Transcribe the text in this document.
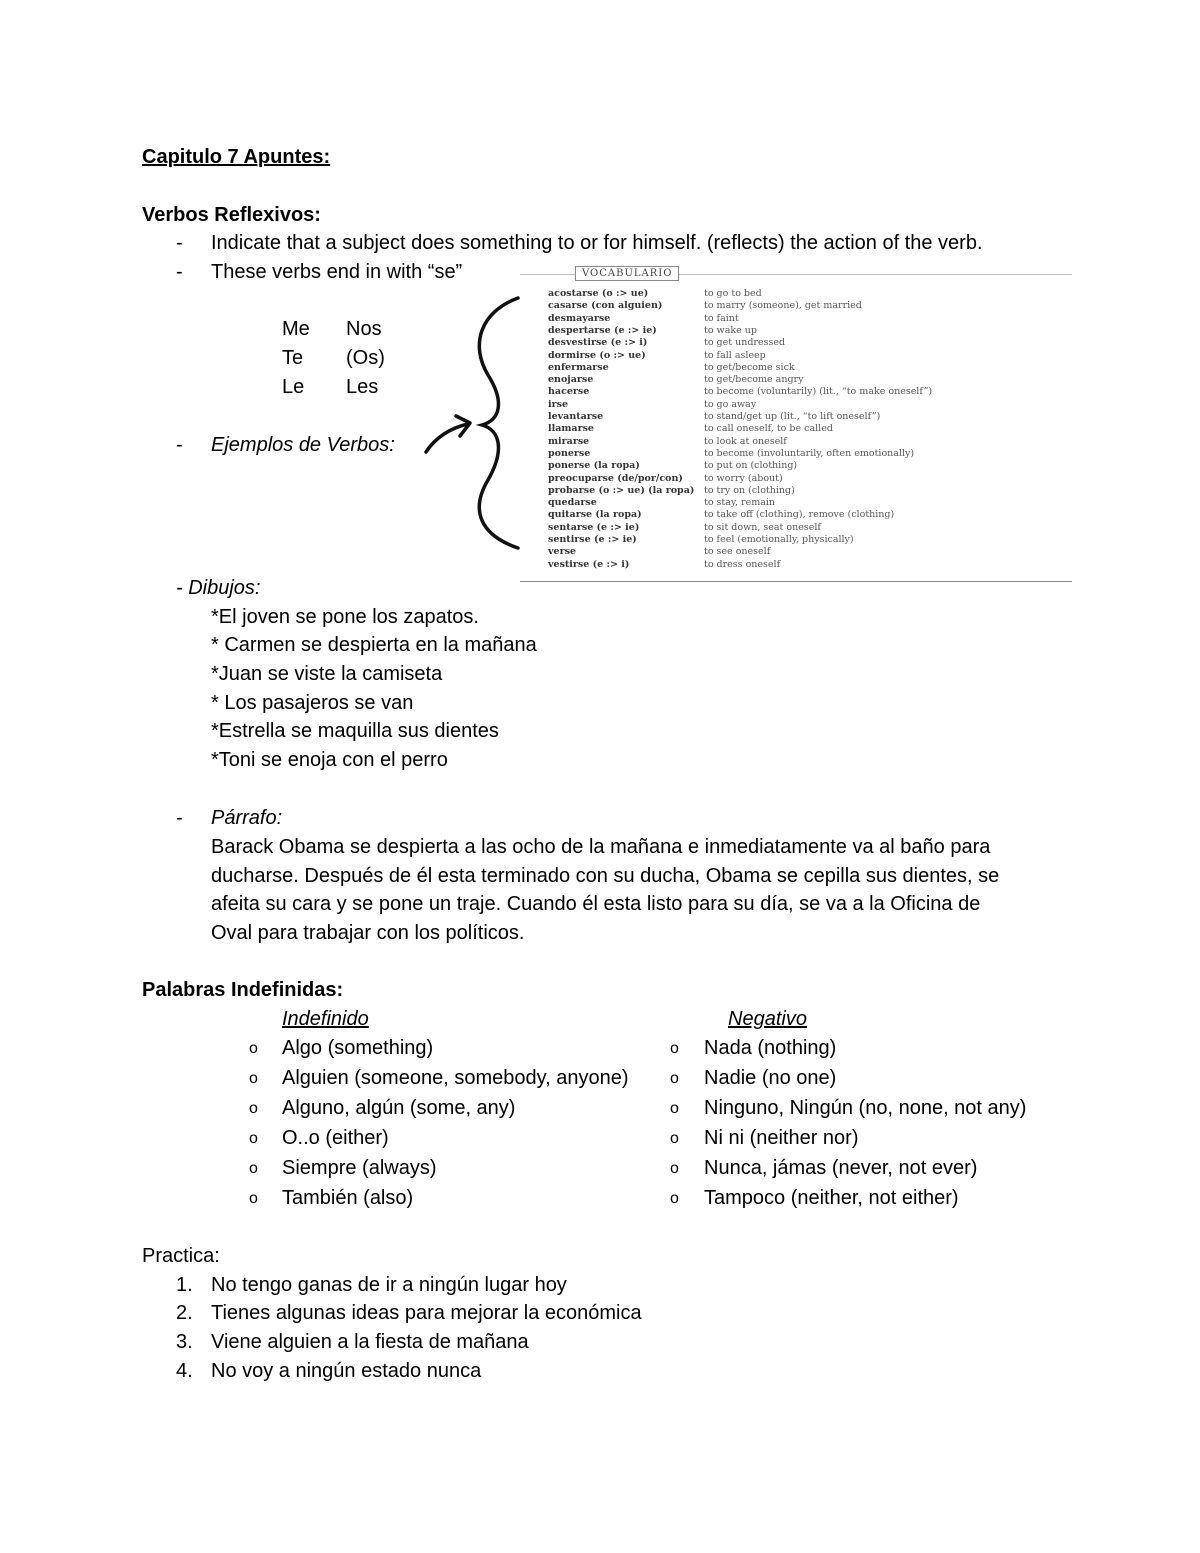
Capitulo 7 Apuntes:
Verbos Reflexivos:
- Indicate that a subject does something to or for himself. (reflects) the action of the verb.
- These verbs end in with “se”
Me Nos
Te (Os)
Le Les
- Ejemplos de Verbos:
VOCABULARIO
acostarse (o :> ue)	to go to bed
casarse (con alguien)	to marry (someone), get married
desmayarse	to faint
despertarse (e :> ie)	to wake up
desvestirse (e :> i)	to get undressed
dormirse (o :> ue)	to fall asleep
enfermarse	to get/become sick
enojarse	to get/become angry
hacerse	to become (voluntarily) (lit., “to make oneself”)
irse	to go away
levantarse	to stand/get up (lit., “to lift oneself”)
llamarse	to call oneself, to be called
mirarse	to look at oneself
ponerse	to become (involuntarily, often emotionally)
ponerse (la ropa)	to put on (clothing)
preocuparse (de/por/con) to worry (about)
probarse (o :> ue) (la ropa) to try on (clothing)
quedarse	to stay, remain
quitarse (la ropa)	to take off (clothing), remove (clothing)
sentarse (e :> ie)	to sit down, seat oneself
sentirse (e :> ie)	to feel (emotionally, physically)
verse	to see oneself
vestirse (e :> i)	to dress oneself
- Dibujos:
*El joven se pone los zapatos.
* Carmen se despierta en la mañana
*Juan se viste la camiseta
* Los pasajeros se van
*Estrella se maquilla sus dientes
*Toni se enoja con el perro
- Párrafo:
Barack Obama se despierta a las ocho de la mañana e inmediatamente va al baño para
ducharse. Después de él esta terminado con su ducha, Obama se cepilla sus dientes, se
afeita su cara y se pone un traje. Cuando él esta listo para su día, se va a la Oficina de
Oval para trabajar con los políticos.
Palabras Indefinidas:
Indefinido	Negativo
o Algo (something)	o Nada (nothing)
o Alguien (someone, somebody, anyone)	o Nadie (no one)
o Alguno, algún (some, any)	o Ninguno, Ningún (no, none, not any)
o O..o (either)	o Ni ni (neither nor)
o Siempre (always)	o Nunca, jámas (never, not ever)
o También (also)	o Tampoco (neither, not either)
Practica:
1. No tengo ganas de ir a ningún lugar hoy
2. Tienes algunas ideas para mejorar la económica
3. Viene alguien a la fiesta de mañana
4. No voy a ningún estado nunca
